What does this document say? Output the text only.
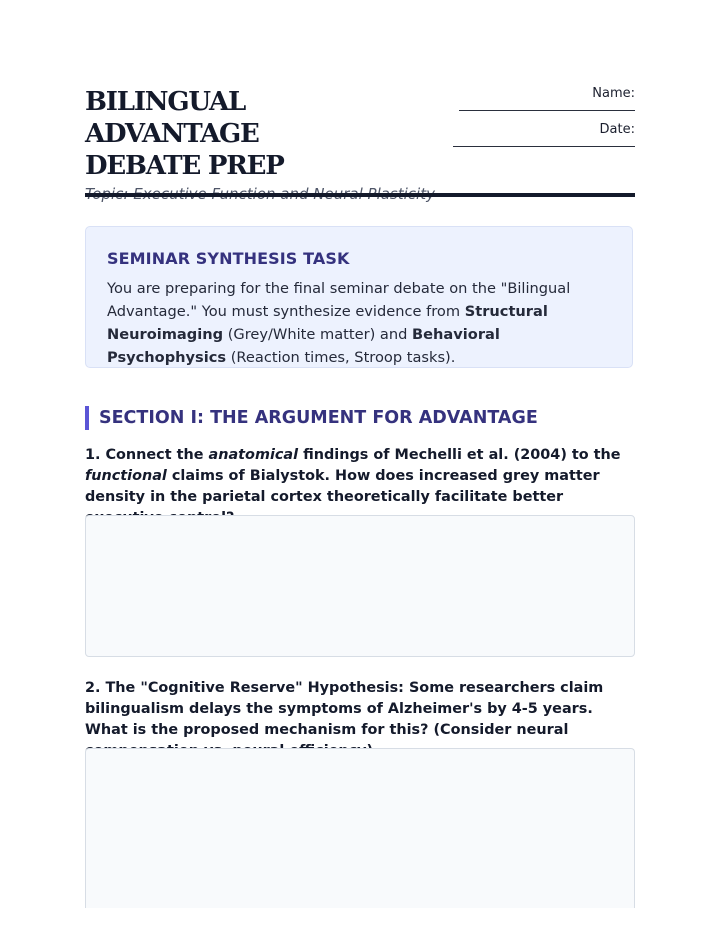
BILINGUAL ADVANTAGE
DEBATE PREP

Name:
Date:
SEMINAR SYNTHESIS TASK

You are preparing for the final seminar debate on the "Bilingual Advantage." You must synthesize evidence from Structural Neuroimaging (Grey/White matter) and Behavioral Psychophysics (Reaction times, Stroop tasks).

SECTION I: THE ARGUMENT FOR ADVANTAGE

1. Connect the anatomical findings of Mechelli et al. (2004) to the functional claims of Bialystok. How does increased grey matter density in the parietal cortex theoretically facilitate better

2. The "Cognitive Reserve" Hypothesis: Some researchers claim bilingualism delays the symptoms of Alzheimer's by 4-5 years. What is the proposed mechanism for this? (Consider neural
